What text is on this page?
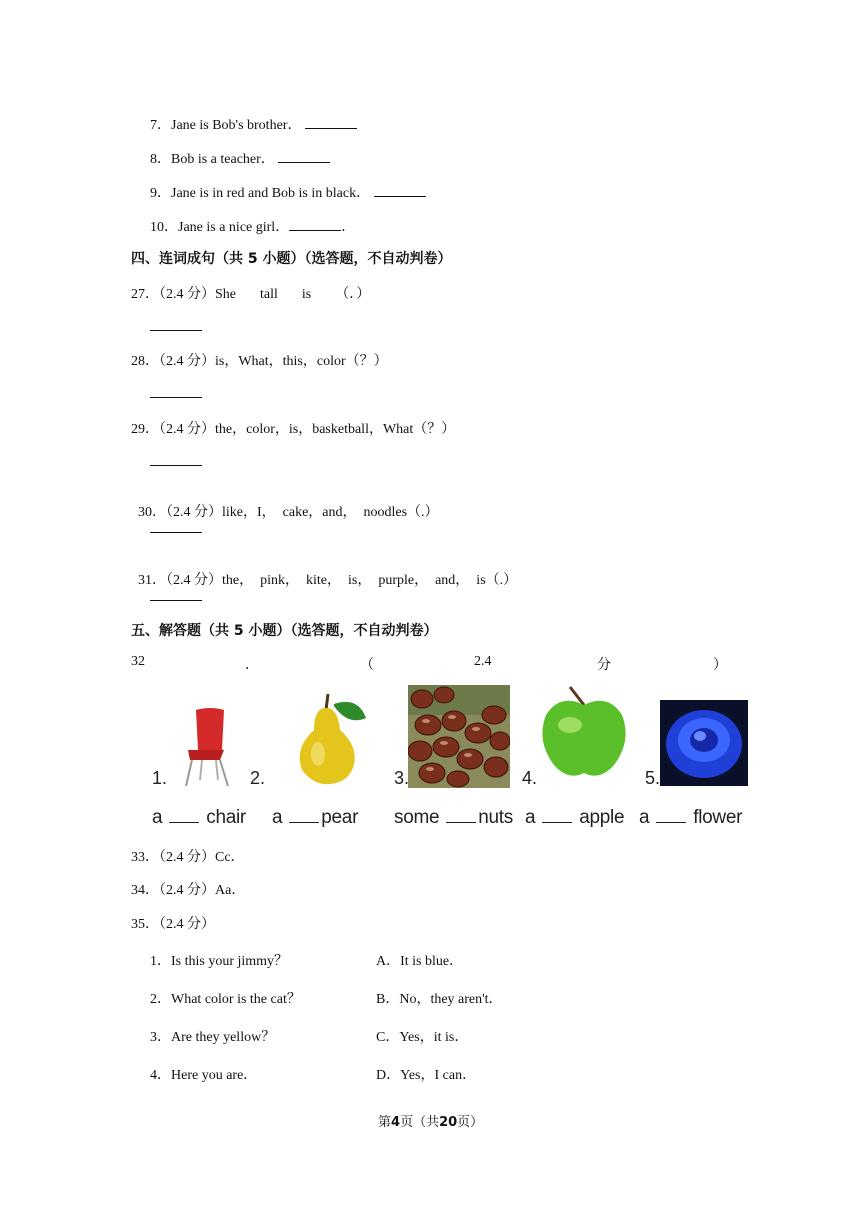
7．Jane is Bob's brother．
8．Bob is a teacher．
9．Jane is in red and Bob is in black．
10．Jane is a nice girl．	．
四、连词成句（共 5 小题）（选答题，不自动判卷）
27．（2.4 分）She tall is （．）
28．（2.4 分）is，What，this，color（？）
29．（2.4 分）the，color，is，basketball，What（？）

30．（2.4 分）like，I，  cake，and，  noodles（.）

31．（2.4 分）the，  pink，  kite，  is，  purple，  and，  is（.）

五、解答题（共 5 小题）（选答题，不自动判卷）
32	．	（	2.4	分	）
1.	2.	3.	4.	5.
a chair a pear some nuts a apple a flower
33．（2.4 分）Cc．
34．（2.4 分）Aa．
35．（2.4 分）
1．Is this your jimmy？	A．It is blue．
2．What color is the cat？	B．No，they aren't．
3．Are they yellow？	C．Yes，it is．
4．Here you are．	D．Yes，I can．
第4页（共20页）
